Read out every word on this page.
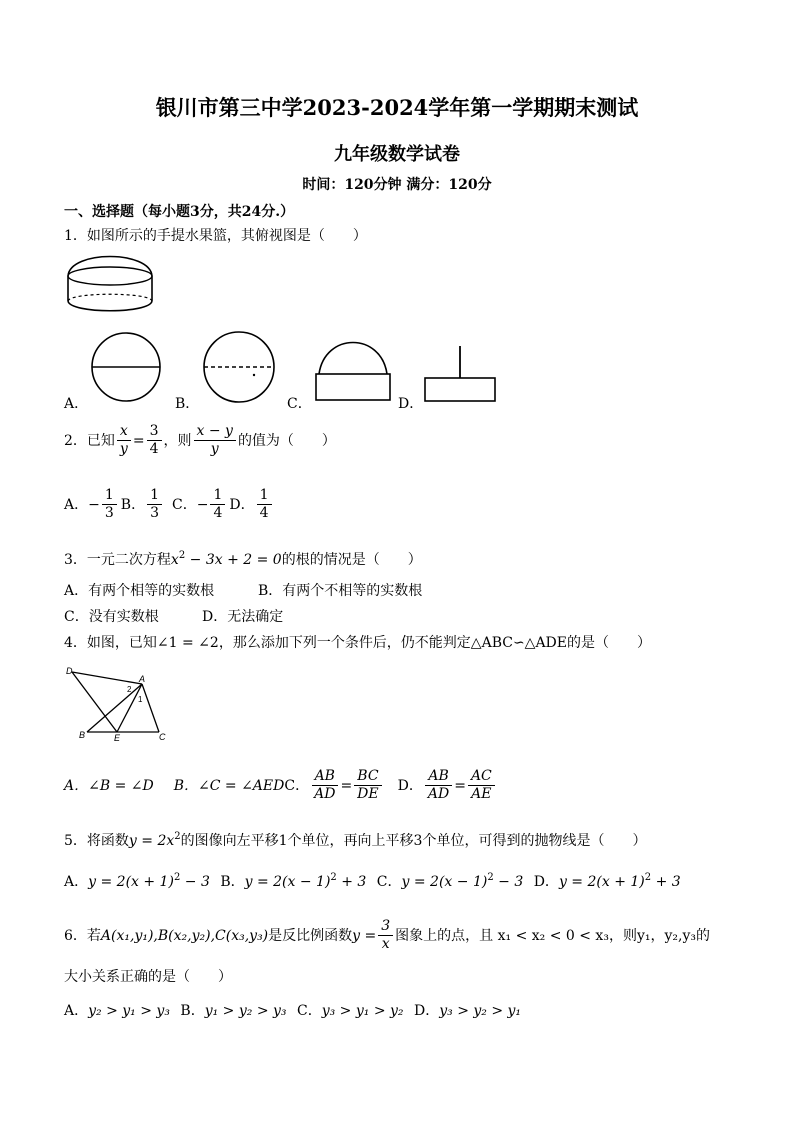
银川市第三中学2023-2024学年第一学期期末测试
九年级数学试卷
时间：120分钟 满分：120分
一、选择题（每小题3分，共24分.）
1．如图所示的手提水果篮，其俯视图是（　　）
A．	B．	C．	D．
2．已知 $\frac{x}{y} = \frac{3}{4}$ ，则 $\frac{x - y}{y}$ 的值为（　　）
A． − $\frac{1}{3}$ B． $\frac{1}{3}$ C． − $\frac{1}{4}$ D． $\frac{1}{4}$
3．一元二次方程$x^2 - 3x + 2 = 0$的根的情况是（　　）
A．有两个相等的实数根	B．有两个不相等的实数根
C．没有实数根	D．无法确定
4．如图，已知∠1 = ∠2，那么添加下列一个条件后，仍不能判定△ABC∽△ADE的是（　　）
D
A
2
1
B	E	C
A．∠B = ∠D B．∠C = ∠AED C． $\frac{AB}{AD} = \frac{BC}{DE}$ D． $\frac{AB}{AD} = \frac{AC}{AE}$
5．将函数$y = 2x^2$的图像向左平移1个单位，再向上平移3个单位，可得到的抛物线是（　　）
A．$y = 2(x + 1)^2 - 3$ B．$y = 2(x - 1)^2 + 3$ C．$y = 2(x - 1)^2 - 3$ D．$y = 2(x + 1)^2 + 3$
6．若 A(x₁,y₁),B(x₂,y₂),C(x₃,y₃) 是反比例函数 $y = \frac{3}{x}$ 图象上的点，且 x₁ < x₂ < 0 < x₃，则y₁，y₂,y₃的
大小关系正确的是（　　）
A．y₂ > y₁ > y₃ B．y₁ > y₂ > y₃ C．y₃ > y₁ > y₂ D．y₃ > y₂ > y₁
